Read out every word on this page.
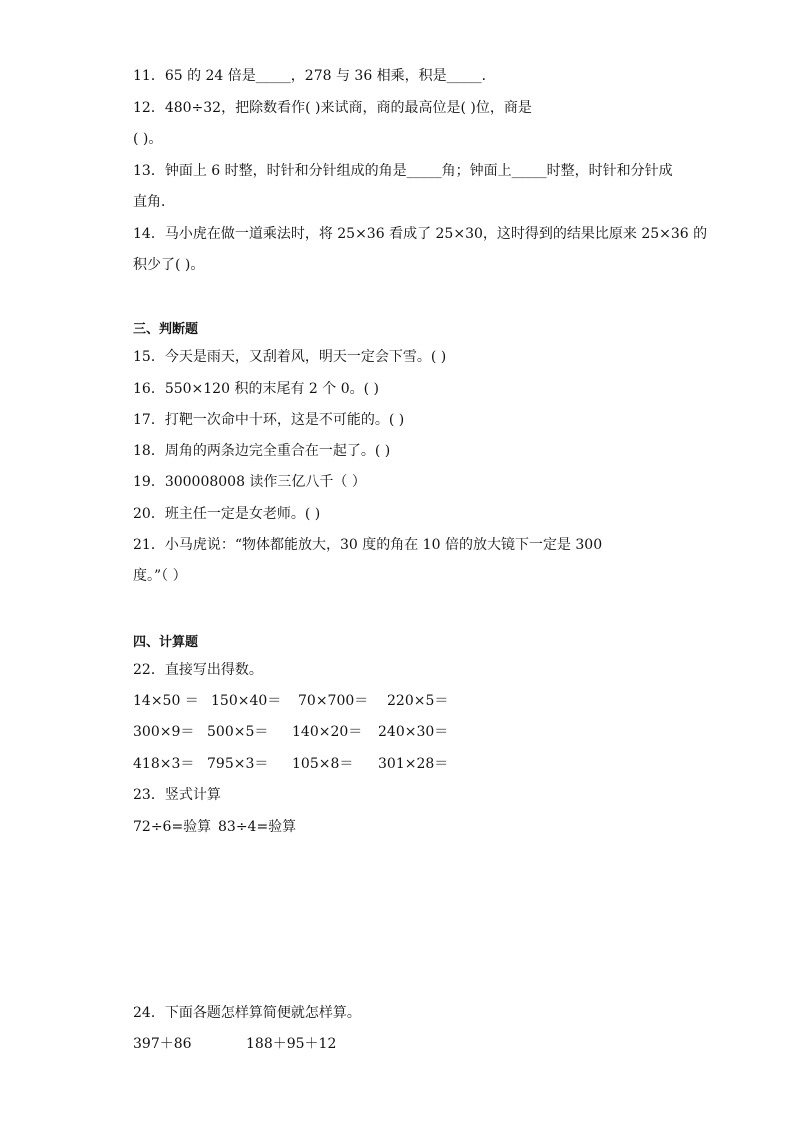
11．65 的 24 倍是_____，278 与 36 相乘，积是_____．
12．480÷32，把除数看作( )来试商，商的最高位是( )位，商是
( )。
13．钟面上 6 时整，时针和分针组成的角是_____角；钟面上_____时整，时针和分针成
直角．
14．马小虎在做一道乘法时，将 25×36 看成了 25×30，这时得到的结果比原来 25×36 的
积少了( )。
三、判断题
15．今天是雨天，又刮着风，明天一定会下雪。( )
16．550×120 积的末尾有 2 个 0。( )
17．打靶一次命中十环，这是不可能的。( )
18．周角的两条边完全重合在一起了。( )
19．300008008 读作三亿八千（ ）
20．班主任一定是女老师。( )
21．小马虎说：“物体都能放大，30 度的角在 10 倍的放大镜下一定是 300
度。”（ ）
四、计算题
22．直接写出得数。
14×50 ＝ 150×40＝ 70×700＝ 220×5＝
300×9＝ 500×5＝ 140×20＝ 240×30＝
418×3＝ 795×3＝ 105×8＝ 301×28＝
23．竖式计算
72÷6=验算 83÷4=验算
24．下面各题怎样算简便就怎样算。
397＋86	188＋95＋12
